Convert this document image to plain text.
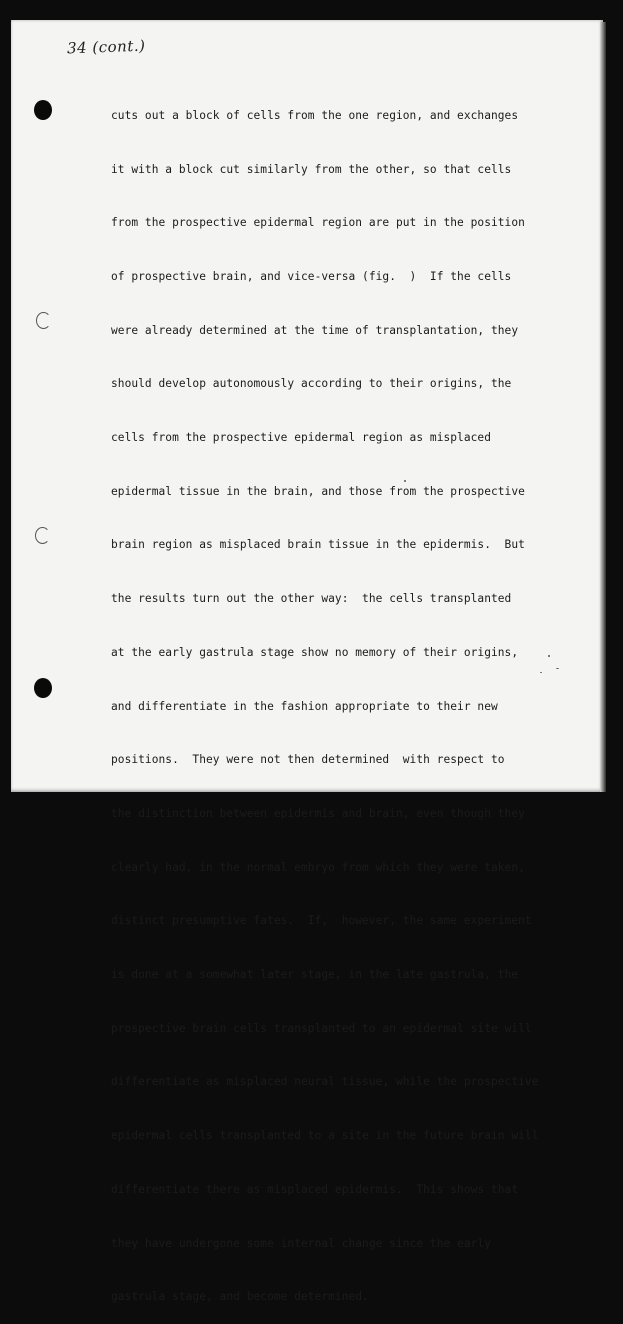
34 (cont.)

cuts out a block of cells from the one region, and exchanges

it with a block cut similarly from the other, so that cells

from the prospective epidermal region are put in the position

of prospective brain, and vice-versa (fig.  )  If the cells

were already determined at the time of transplantation, they

should develop autonomously according to their origins, the

cells from the prospective epidermal region as misplaced

epidermal tissue in the brain, and those from the prospective

brain region as misplaced brain tissue in the epidermis.  But

the results turn out the other way:  the cells transplanted

at the early gastrula stage show no memory of their origins,

and differentiate in the fashion appropriate to their new

positions.  They were not then determined  with respect to

the distinction between epidermis and brain, even though they

clearly had, in the normal embryo from which they were taken,

distinct presumptive fates.  If,  however, the same experiment

is done at a somewhat later stage, in the late gastrula, the

prospective brain cells transplanted to an epidermal site will

differentiate as misplaced neural tissue, while the prospective

epidermal cells transplanted to a site in the future brain will

differentiate there as misplaced epidermis.  This shows that

they have undergone some internal change since the early

gastrula stage, and become determined.
